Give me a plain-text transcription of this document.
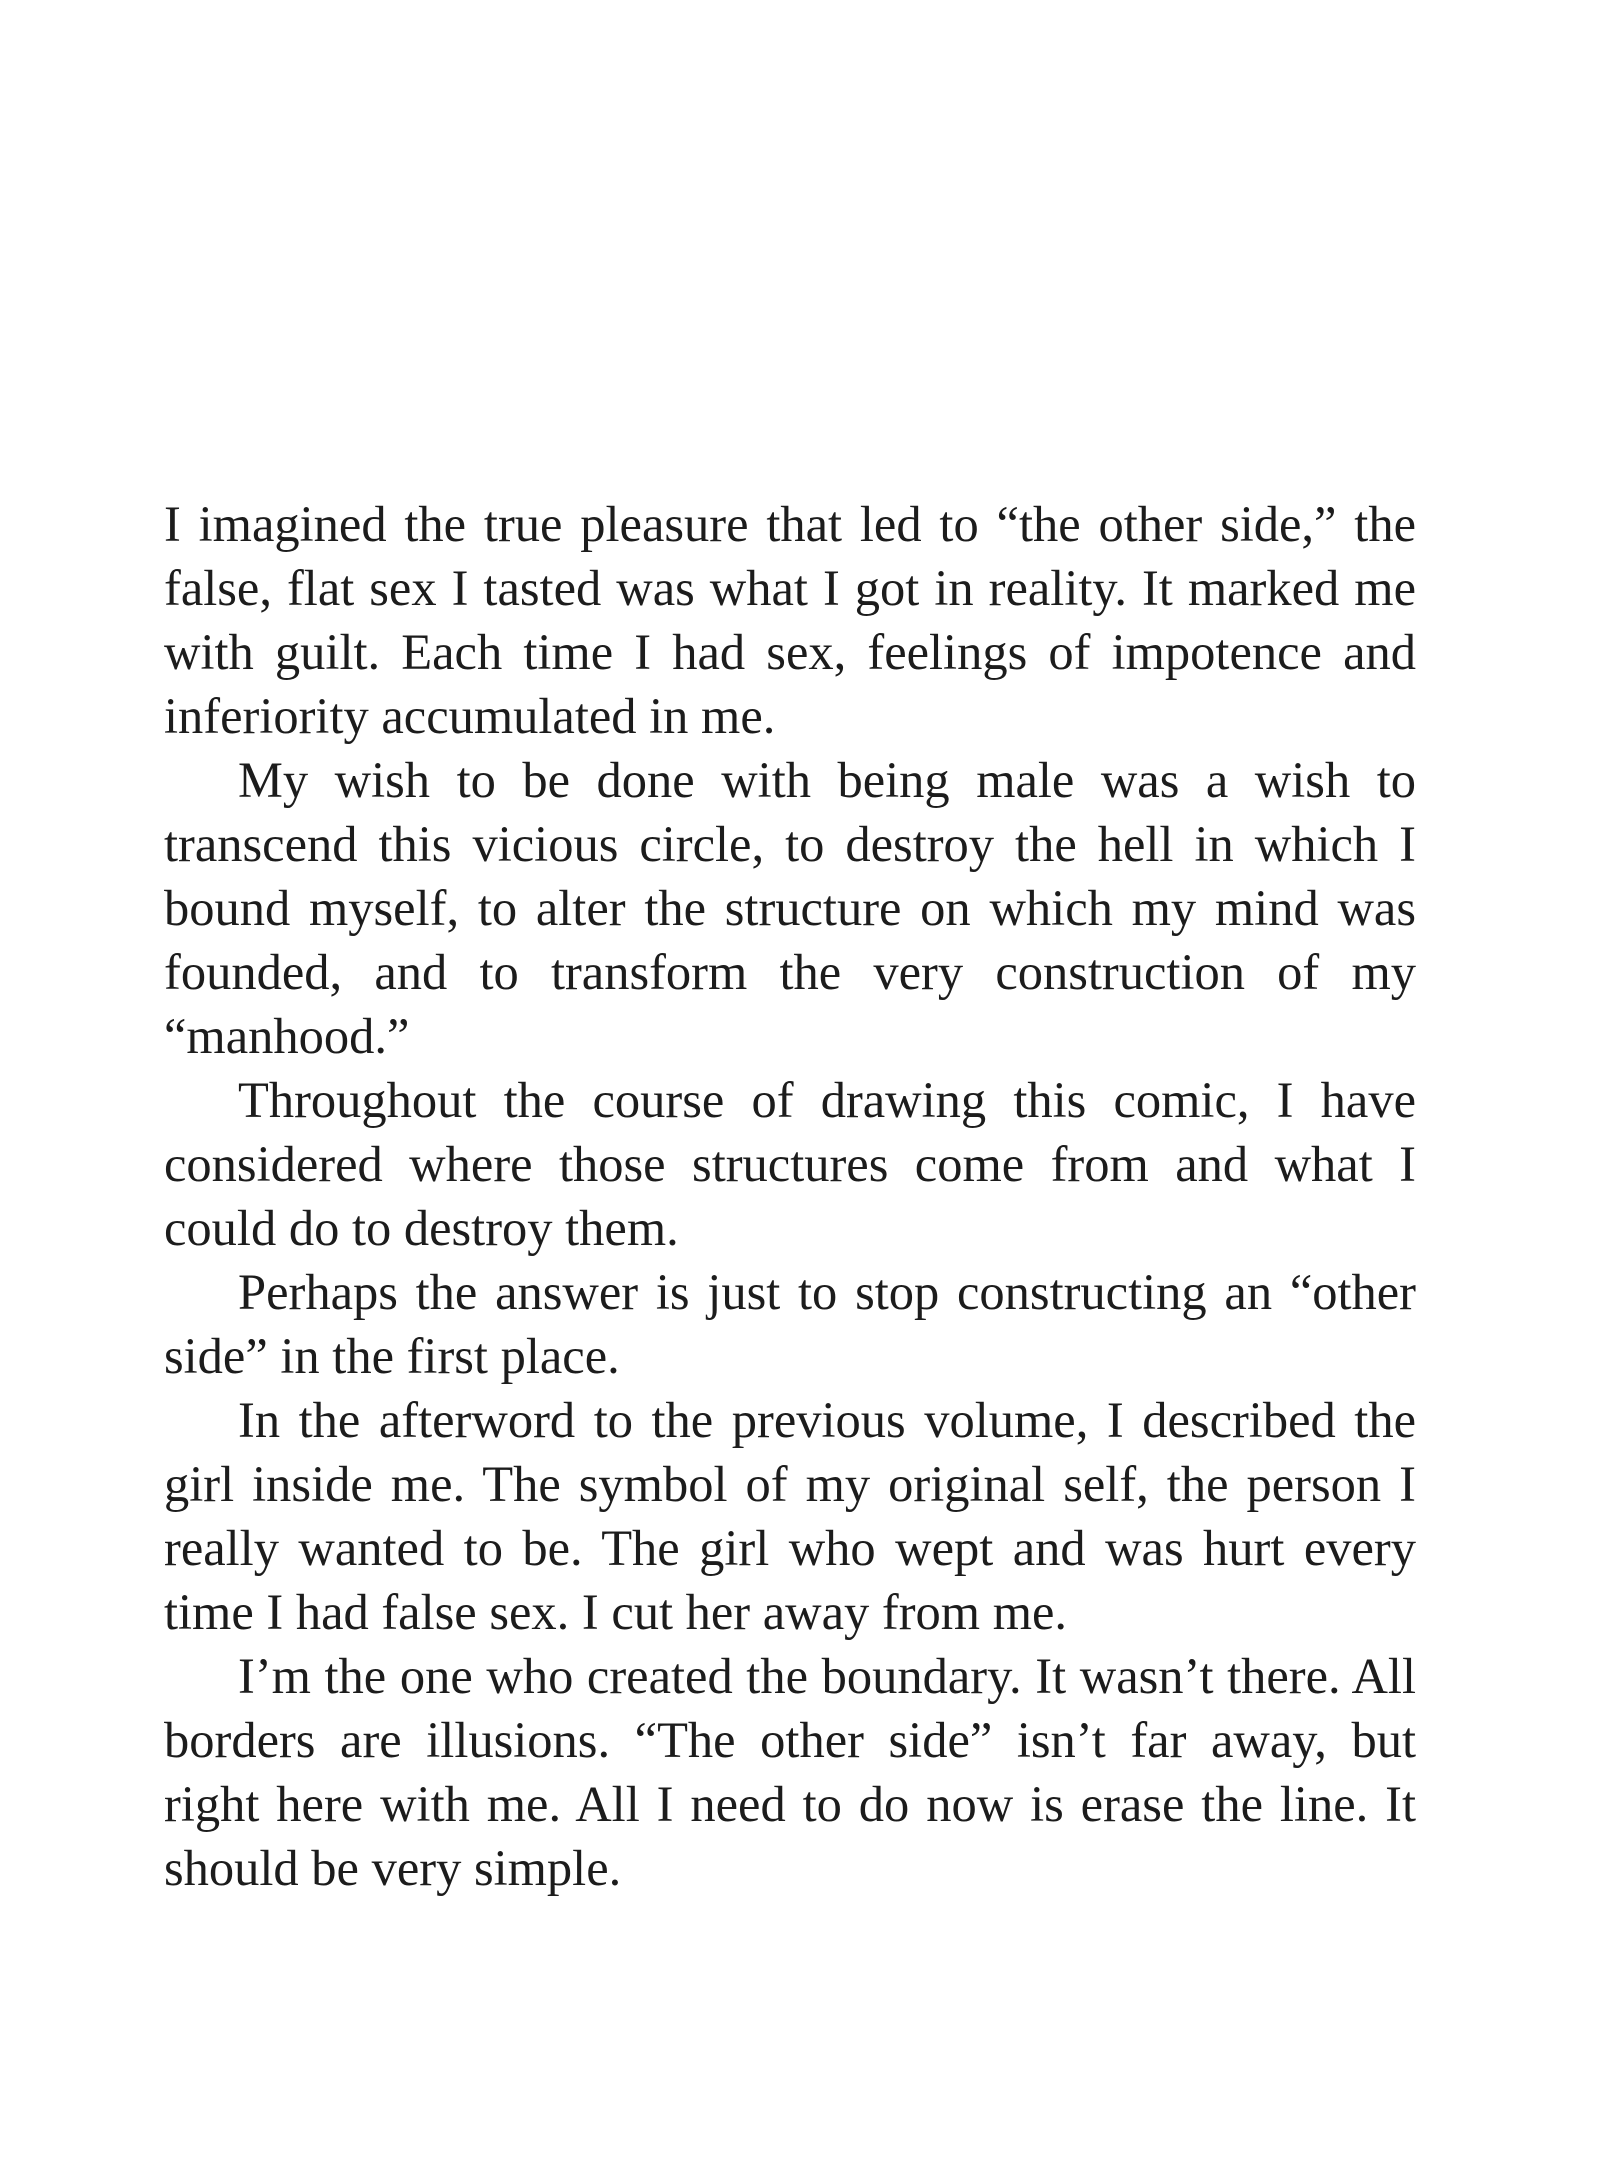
I imagined the true pleasure that led to “the other side,” the false, flat sex I tasted was what I got in reality. It marked me with guilt. Each time I had sex, feelings of impotence and inferiority accumulated in me.

My wish to be done with being male was a wish to transcend this vicious circle, to destroy the hell in which I bound myself, to alter the structure on which my mind was founded, and to transform the very construction of my “manhood.”

Throughout the course of drawing this comic, I have considered where those structures come from and what I could do to destroy them.

Perhaps the answer is just to stop constructing an “other side” in the first place.

In the afterword to the previous volume, I described the girl inside me. The symbol of my original self, the person I really wanted to be. The girl who wept and was hurt every time I had false sex. I cut her away from me.

I’m the one who created the boundary. It wasn’t there. All borders are illusions. “The other side” isn’t far away, but right here with me. All I need to do now is erase the line. It should be very simple.
